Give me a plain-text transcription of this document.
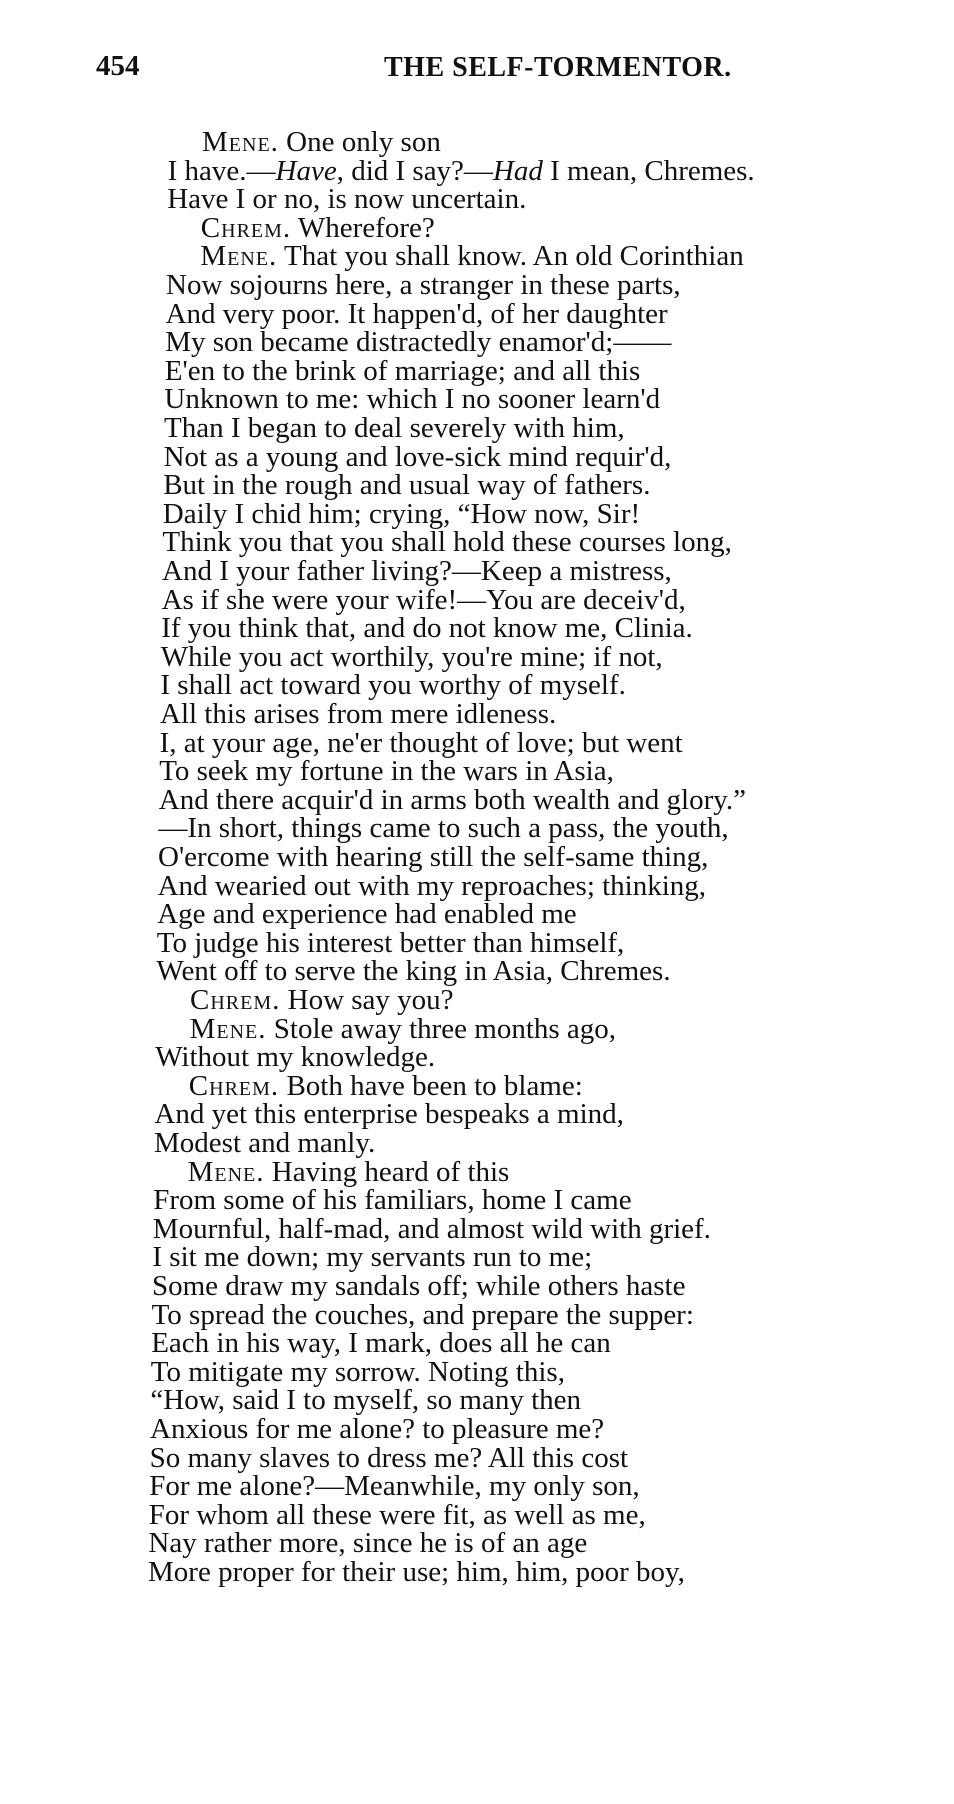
454	THE SELF-TORMENTOR.
Mene. One only son
I have.—Have, did I say?—Had I mean, Chremes.
Have I or no, is now uncertain.
Chrem. Wherefore?
Mene. That you shall know. An old Corinthian
Now sojourns here, a stranger in these parts,
And very poor. It happen'd, of her daughter
My son became distractedly enamor'd;——
E'en to the brink of marriage; and all this
Unknown to me: which I no sooner learn'd
Than I began to deal severely with him,
Not as a young and love-sick mind requir'd,
But in the rough and usual way of fathers.
Daily I chid him; crying, “How now, Sir!
Think you that you shall hold these courses long,
And I your father living?—Keep a mistress,
As if she were your wife!—You are deceiv'd,
If you think that, and do not know me, Clinia.
While you act worthily, you're mine; if not,
I shall act toward you worthy of myself.
All this arises from mere idleness.
I, at your age, ne'er thought of love; but went
To seek my fortune in the wars in Asia,
And there acquir'd in arms both wealth and glory.”
—In short, things came to such a pass, the youth,
O'ercome with hearing still the self-same thing,
And wearied out with my reproaches; thinking,
Age and experience had enabled me
To judge his interest better than himself,
Went off to serve the king in Asia, Chremes.
Chrem. How say you?
Mene. Stole away three months ago,
Without my knowledge.
Chrem. Both have been to blame:
And yet this enterprise bespeaks a mind,
Modest and manly.
Mene. Having heard of this
From some of his familiars, home I came
Mournful, half-mad, and almost wild with grief.
I sit me down; my servants run to me;
Some draw my sandals off; while others haste
To spread the couches, and prepare the supper:
Each in his way, I mark, does all he can
To mitigate my sorrow. Noting this,
“How, said I to myself, so many then
Anxious for me alone? to pleasure me?
So many slaves to dress me? All this cost
For me alone?—Meanwhile, my only son,
For whom all these were fit, as well as me,
Nay rather more, since he is of an age
More proper for their use; him, him, poor boy,
